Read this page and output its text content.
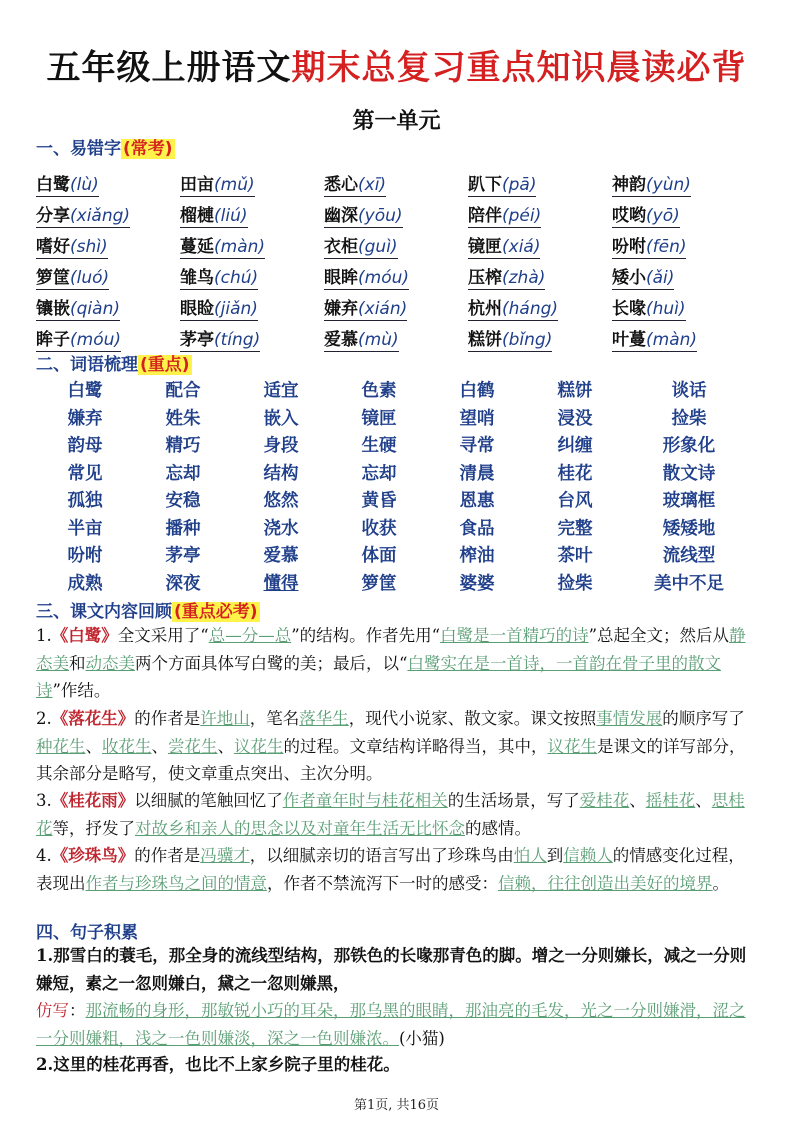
五年级上册语文期末总复习重点知识晨读必背
第一单元
一、易错字 (常考)
白鹭(lù)	田亩(mǔ)	悉心(xī)	趴下(pā)	神韵(yùn)
分享(xiǎng)	榴槤(liú)	幽深(yōu)	陪伴(péi)	哎哟(yō)
嗜好(shì)	蔓延(màn)	衣柜(guì)	镜匣(xiá)	吩咐(fēn)
箩筐(luó)	雏鸟(chú)	眼眸(móu)	压榨(zhà)	矮小(ǎi)
镶嵌(qiàn)	眼睑(jiǎn)	嫌弃(xián)	杭州(háng)	长喙(huì)
眸子(móu)	茅亭(tíng)	爱慕(mù)	糕饼(bǐng)	叶蔓(màn)
二、词语梳理 (重点)
白鹭	配合	适宜	色素	白鹤	糕饼	谈话
嫌弃	姓朱	嵌入	镜匣	望哨	浸没	捡柴
韵母	精巧	身段	生硬	寻常	纠缠	形象化
常见	忘却	结构	忘却	清晨	桂花	散文诗
孤独	安稳	悠然	黄昏	恩惠	台风	玻璃框
半亩	播种	浇水	收获	食品	完整	矮矮地
吩咐	茅亭	爱慕	体面	榨油	茶叶	流线型
成熟	深夜	懂得	箩筐	婆婆	捡柴	美中不足
三、课文内容回顾 (重点必考)
1.《白鹭》全文采用了“总—分—总”的结构。作者先用“白鹭是一首精巧的诗”总起全文；然后从静态美和动态美两个方面具体写白鹭的美；最后，以“白鹭实在是一首诗，一首韵在骨子里的散文诗”作结。
2.《落花生》的作者是许地山，笔名落华生，现代小说家、散文家。课文按照事情发展的顺序写了种花生、收花生、尝花生、议花生的过程。文章结构详略得当，其中，议花生是课文的详写部分，其余部分是略写，使文章重点突出、主次分明。
3.《桂花雨》以细腻的笔触回忆了作者童年时与桂花相关的生活场景，写了爱桂花、摇桂花、思桂花等，抒发了对故乡和亲人的思念以及对童年生活无比怀念的感情。
4.《珍珠鸟》的作者是冯骥才，以细腻亲切的语言写出了珍珠鸟由怕人到信赖人的情感变化过程，表现出作者与珍珠鸟之间的情意，作者不禁流泻下一时的感受：信赖，往往创造出美好的境界。
四、句子积累
1.那雪白的蓑毛，那全身的流线型结构，那铁色的长喙那青色的脚。增之一分则嫌长，减之一分则嫌短，素之一忽则嫌白，黛之一忽则嫌黑，
仿写：那流畅的身形，那敏锐小巧的耳朵，那乌黑的眼睛，那油亮的毛发，光之一分则嫌滑，涩之一分则嫌粗，浅之一色则嫌淡，深之一色则嫌浓。(小猫)
2.这里的桂花再香，也比不上家乡院子里的桂花。
第1页, 共16页
